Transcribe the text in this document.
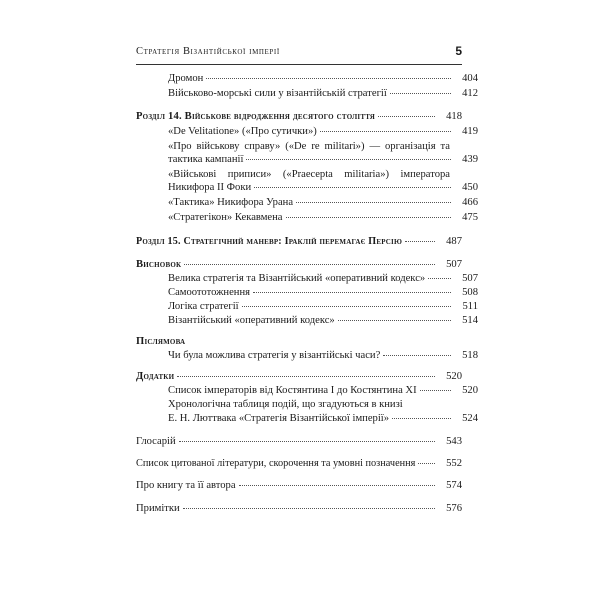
Стратегія Візантійської імперії	5
Дромон	404
Військово-морські сили у візантійській стратегії	412
Розділ 14. Військове відродження десятого століття	418
«De Velitatione» («Про сутички»)	419
«Про військову справу» («De re militari») — організація та
тактика кампанії	439
«Військові приписи» («Praecepta militaria») імператора
Никифора ІІ Фоки	450
«Тактика» Никифора Урана	466
«Стратегікон» Кекавмена	475
Розділ 15. Стратегічний маневр: Іраклій перемагає Персію	487
Висновок	507
Велика стратегія та Візантійський «оперативний кодекс»	507
Самоототожнення	508
Логіка стратегії	511
Візантійський «оперативний кодекс»	514
Післямова
Чи була можлива стратегія у візантійські часи?	518
Додатки	520
Список імператорів від Костянтина І до Костянтина ХІ	520
Хронологічна таблиця подій, що згадуються в книзі
Е. Н. Люттвака «Стратегія Візантійської імперії»	524
Глосарій	543
Список цитованої літератури, скорочення та умовні позначення	552
Про книгу та її автора	574
Примітки	576
